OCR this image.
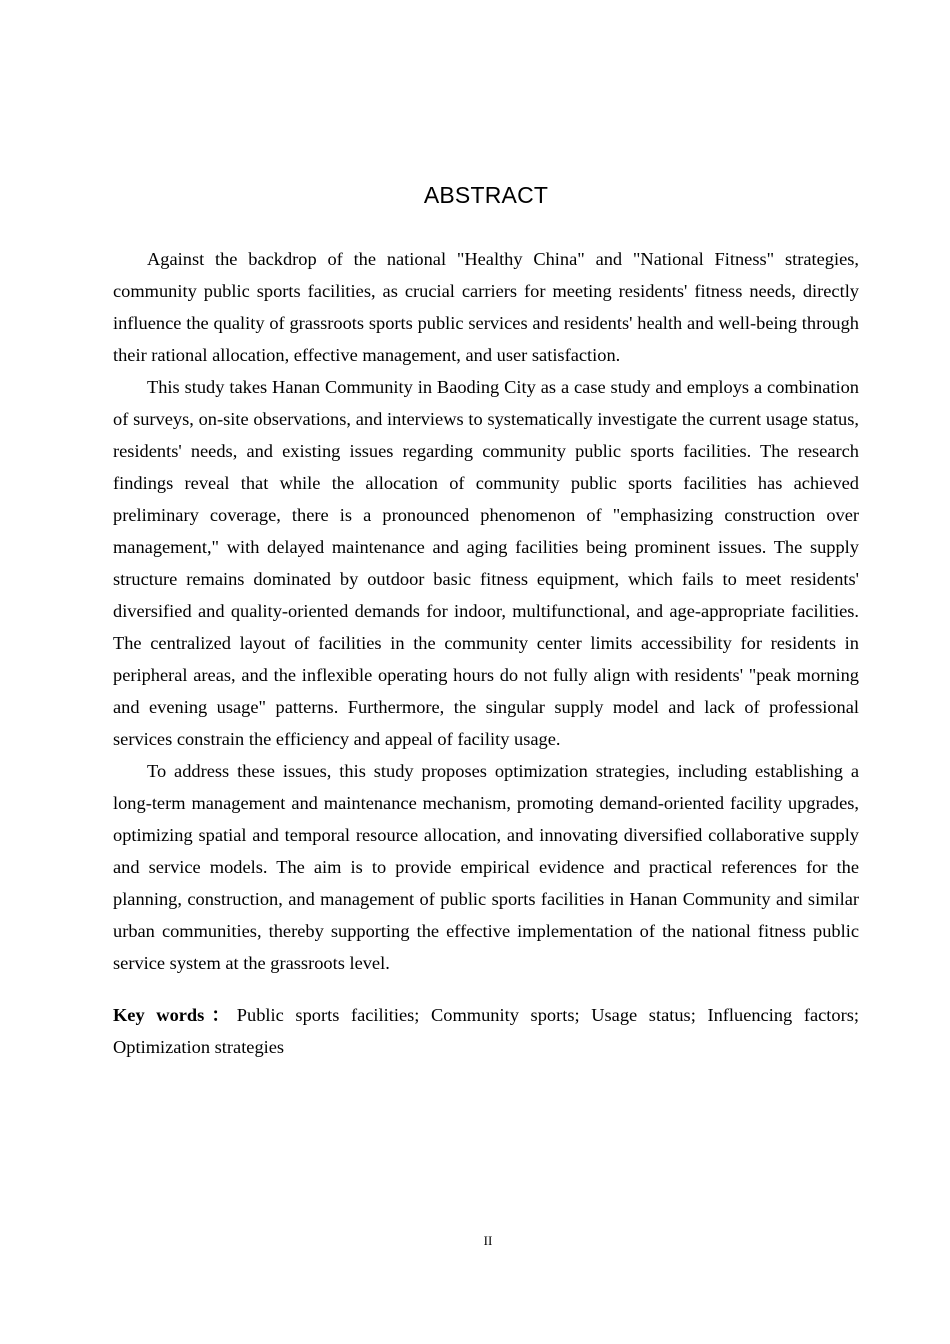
ABSTRACT

Against the backdrop of the national "Healthy China" and "National Fitness" strategies, community public sports facilities, as crucial carriers for meeting residents' fitness needs, directly influence the quality of grassroots sports public services and residents' health and well-being through their rational allocation, effective management, and user satisfaction.

This study takes Hanan Community in Baoding City as a case study and employs a combination of surveys, on-site observations, and interviews to systematically investigate the current usage status, residents' needs, and existing issues regarding community public sports facilities. The research findings reveal that while the allocation of community public sports facilities has achieved preliminary coverage, there is a pronounced phenomenon of "emphasizing construction over management," with delayed maintenance and aging facilities being prominent issues. The supply structure remains dominated by outdoor basic fitness equipment, which fails to meet residents' diversified and quality-oriented demands for indoor, multifunctional, and age-appropriate facilities. The centralized layout of facilities in the community center limits accessibility for residents in peripheral areas, and the inflexible operating hours do not fully align with residents' "peak morning and evening usage" patterns. Furthermore, the singular supply model and lack of professional services constrain the efficiency and appeal of facility usage.

To address these issues, this study proposes optimization strategies, including establishing a long-term management and maintenance mechanism, promoting demand-oriented facility upgrades, optimizing spatial and temporal resource allocation, and innovating diversified collaborative supply and service models. The aim is to provide empirical evidence and practical references for the planning, construction, and management of public sports facilities in Hanan Community and similar urban communities, thereby supporting the effective implementation of the national fitness public service system at the grassroots level.

Key words：Public sports facilities; Community sports; Usage status; Influencing factors; Optimization strategies
II
